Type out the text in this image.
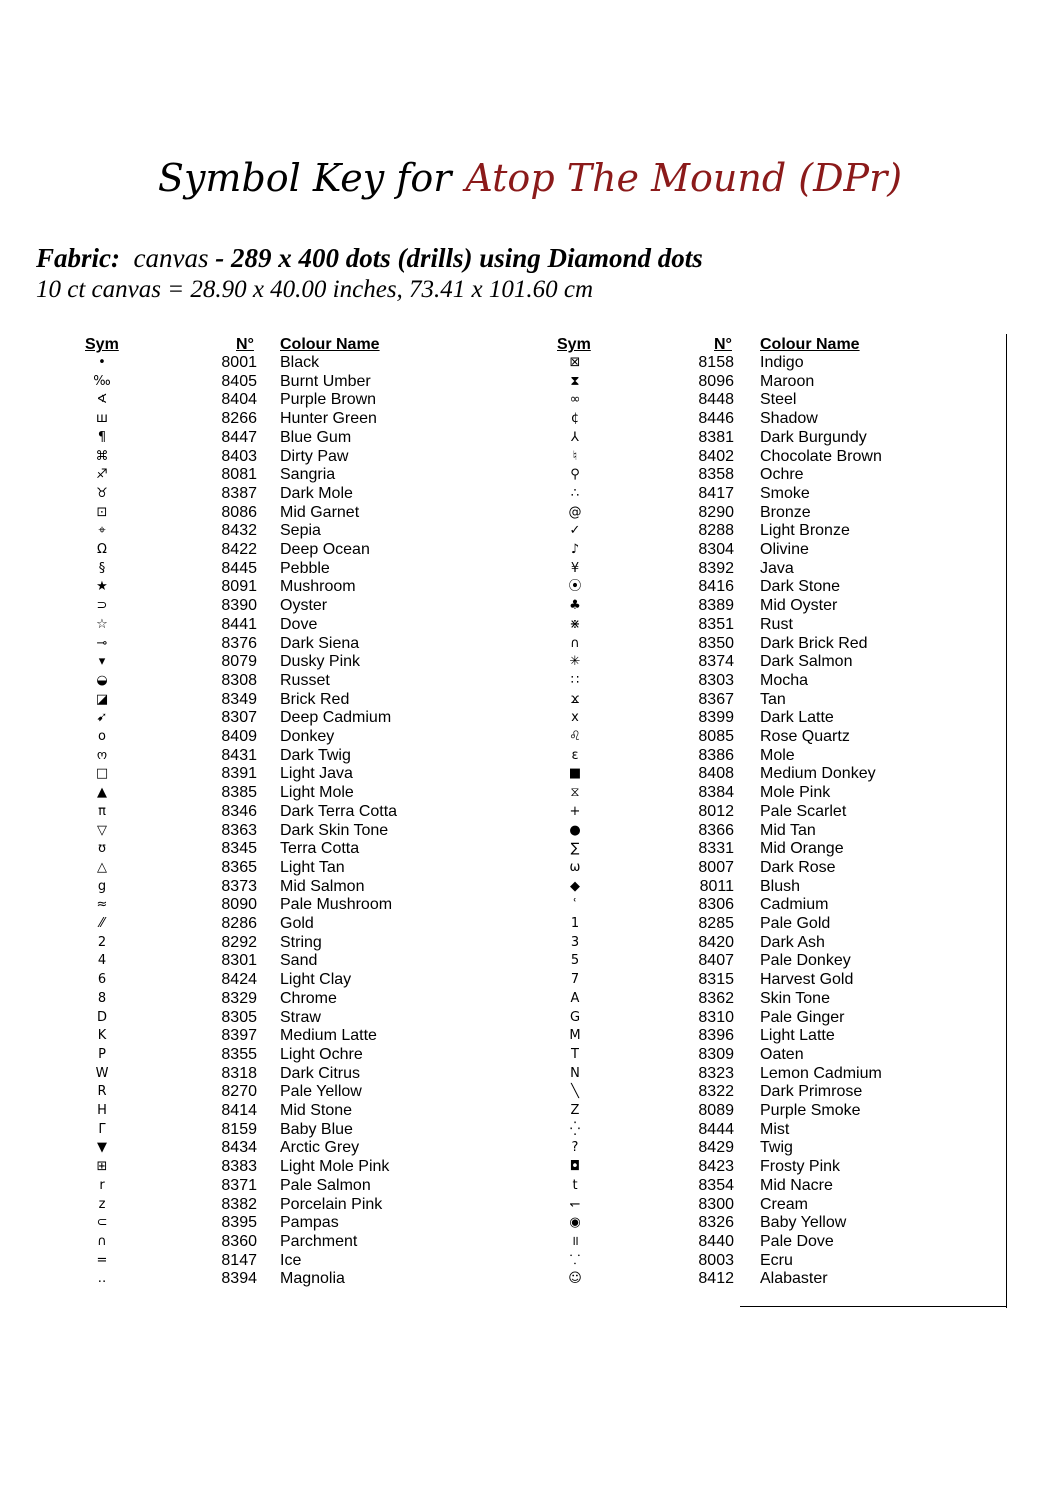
Symbol Key for Atop The Mound (DPr)
Fabric: canvas - 289 x 400 dots (drills) using Diamond dots
10 ct canvas = 28.90 x 40.00 inches, 73.41 x 101.60 cm
Sym	N° Colour Name	Sym	N° Colour Name
•	8001 Black
‰	8405 Burnt Umber
∢	8404 Purple Brown
ш	8266 Hunter Green
¶	8447 Blue Gum
⌘	8403 Dirty Paw
♐	8081 Sangria
♉	8387 Dark Mole
⊡	8086 Mid Garnet
⌖	8432 Sepia
Ω	8422 Deep Ocean
§	8445 Pebble
★	8091 Mushroom
⊃	8390 Oyster
☆	8441 Dove
⊸	8376 Dark Siena
▾	8079 Dusky Pink
◒	8308 Russet
◪	8349 Brick Red
➹	8307 Deep Cadmium
o	8409 Donkey
ო	8431 Dark Twig
□	8391 Light Java
▲	8385 Light Mole
π	8346 Dark Terra Cotta
▽	8363 Dark Skin Tone
ʊ	8345 Terra Cotta
△	8365 Light Tan
g	8373 Mid Salmon
≈	8090 Pale Mushroom
⁄⁄	8286 Gold
2	8292 String
4	8301 Sand
6	8424 Light Clay
8	8329 Chrome
D	8305 Straw
K	8397 Medium Latte
P	8355 Light Ochre
W	8318 Dark Citrus
R	8270 Pale Yellow
H	8414 Mid Stone
Γ	8159 Baby Blue
▼	8434 Arctic Grey
⊞	8383 Light Mole Pink
r	8371 Pale Salmon
z	8382 Porcelain Pink
⊂	8395 Pampas
∩	8360 Parchment
=	8147 Ice
‥	8394 Magnolia
⊠	8158 Indigo
⧗	8096 Maroon
∞	8448 Steel
¢	8446 Shadow
⅄	8381 Dark Burgundy
♮	8402 Chocolate Brown
⚲	8358 Ochre
∴	8417 Smoke
@	8290 Bronze
✓	8288 Light Bronze
♪	8304 Olivine
¥	8392 Java
⦿	8416 Dark Stone
♣	8389 Mid Oyster
⋇	8351 Rust
∩	8350 Dark Brick Red
✳	8374 Dark Salmon
∷	8303 Mocha
ϫ	8367 Tan
x	8399 Dark Latte
♌	8085 Rose Quartz
ε	8386 Mole
■	8408 Medium Donkey
⧖	8384 Mole Pink
+	8012 Pale Scarlet
●	8366 Mid Tan
∑	8331 Mid Orange
ω	8007 Dark Rose
◆	8011 Blush
ʿ	8306 Cadmium
1	8285 Pale Gold
3	8420 Dark Ash
5	8407 Pale Donkey
7	8315 Harvest Gold
A	8362 Skin Tone
G	8310 Pale Ginger
M	8396 Light Latte
T	8309 Oaten
N	8323 Lemon Cadmium
╲	8322 Dark Primrose
Z	8089 Purple Smoke
⁛	8444 Mist
?	8429 Twig
◘	8423 Frosty Pink
t	8354 Mid Nacre
↽	8300 Cream
◉	8326 Baby Yellow
॥	8440 Pale Dove
⸪	8003 Ecru
☺	8412 Alabaster
